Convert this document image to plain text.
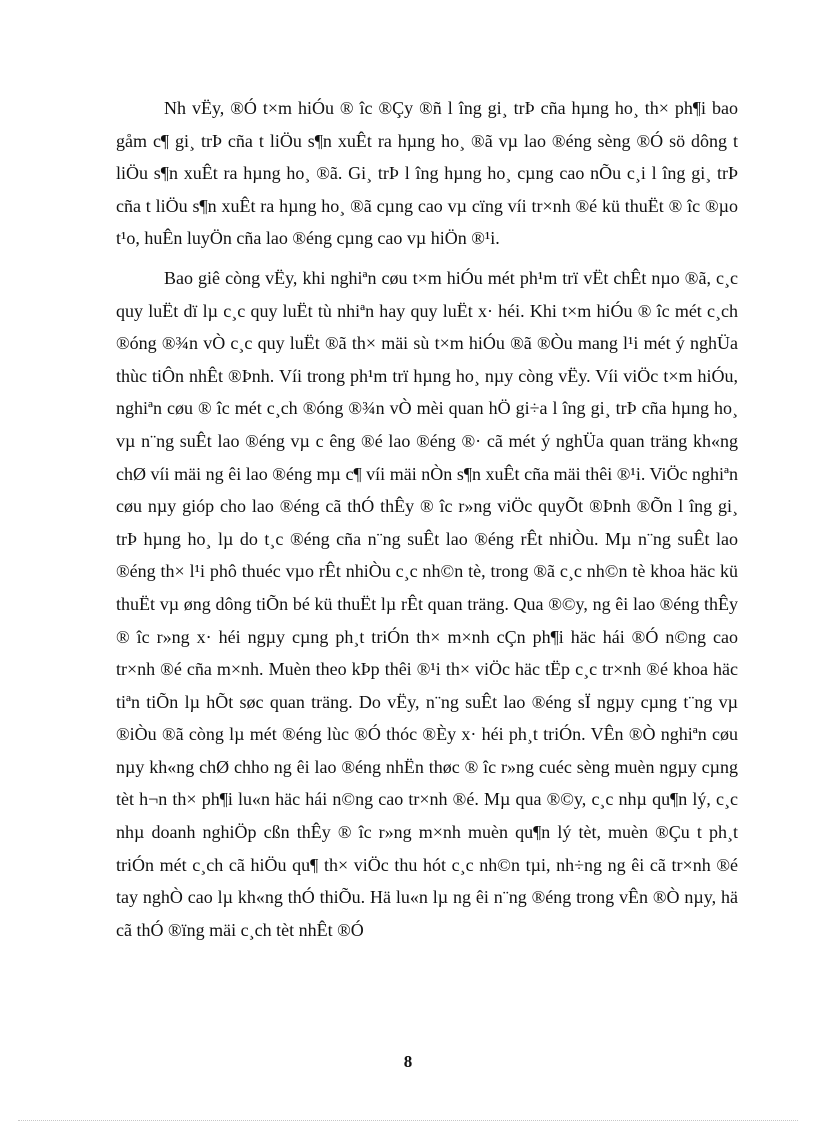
Nh vËy, ®Ó t×m hiÓu ® îc ®Çy ®ñ l îng gi¸ trÞ cña hµng ho¸ th× ph¶i bao gåm c¶ gi¸ trÞ cña t liÖu s¶n xuÊt ra hµng ho¸ ®ã vµ lao ®éng sèng ®Ó sö dông t liÖu s¶n xuÊt ra hµng ho¸ ®ã. Gi¸ trÞ l îng hµng ho¸ cµng cao nÕu c¸i l îng gi¸ trÞ cña t liÖu s¶n xuÊt ra hµng ho¸ ®ã cµng cao vµ cïng víi tr×nh ®é kü thuËt ® îc ®µo t¹o, huÊn luyÖn cña lao ®éng cµng cao vµ hiÖn ®¹i.

Bao giê còng vËy, khi nghiªn cøu t×m hiÓu mét ph¹m trï vËt chÊt nµo ®ã, c¸c quy luËt dï lµ c¸c quy luËt tù nhiªn hay quy luËt x· héi. Khi t×m hiÓu ® îc mét c¸ch ®óng ®¾n vÒ c¸c quy luËt ®ã th× mäi sù t×m hiÓu ®ã ®Òu mang l¹i mét ý nghÜa thùc tiÔn nhÊt ®Þnh. Víi trong ph¹m trï hµng ho¸ nµy còng vËy. Víi viÖc t×m hiÓu, nghiªn cøu ® îc mét c¸ch ®óng ®¾n vÒ mèi quan hÖ gi÷a l îng gi¸ trÞ cña hµng ho¸ vµ n¨ng suÊt lao ®éng vµ c êng ®é lao ®éng ®· cã mét ý nghÜa quan träng kh«ng chØ víi mäi ng êi lao ®éng mµ c¶ víi mäi nÒn s¶n xuÊt cña mäi thêi ®¹i. ViÖc nghiªn cøu nµy gióp cho lao ®éng cã thÓ thÊy ® îc r»ng viÖc quyÕt ®Þnh ®Õn l îng gi¸ trÞ hµng ho¸ lµ do t¸c ®éng cña n¨ng suÊt lao ®éng rÊt nhiÒu. Mµ n¨ng suÊt lao ®éng th× l¹i phô thuéc vµo rÊt nhiÒu c¸c nh©n tè, trong ®ã c¸c nh©n tè khoa häc kü thuËt vµ øng dông tiÕn bé kü thuËt lµ rÊt quan träng. Qua ®©y, ng êi lao ®éng thÊy ® îc r»ng x· héi ngµy cµng ph¸t triÓn th× m×nh cÇn ph¶i häc hái ®Ó n©ng cao tr×nh ®é cña m×nh. Muèn theo kÞp thêi ®¹i th× viÖc häc tËp c¸c tr×nh ®é khoa häc tiªn tiÕn lµ hÕt søc quan träng. Do vËy, n¨ng suÊt lao ®éng sÏ ngµy cµng t¨ng vµ ®iÒu ®ã còng lµ mét ®éng lùc ®Ó thóc ®Èy x· héi ph¸t triÓn. VÊn ®Ò nghiªn cøu nµy kh«ng chØ chho ng êi lao ®éng nhËn thøc ® îc r»ng cuéc sèng muèn ngµy cµng tèt h¬n th× ph¶i lu«n häc hái n©ng cao tr×nh ®é. Mµ qua ®©y, c¸c nhµ qu¶n lý, c¸c nhµ doanh nghiÖp cßn thÊy ® îc r»ng m×nh muèn qu¶n lý tèt, muèn ®Çu t ph¸t triÓn mét c¸ch cã hiÖu qu¶ th× viÖc thu hót c¸c nh©n tµi, nh÷ng ng êi cã tr×nh ®é tay nghÒ cao lµ kh«ng thÓ thiÕu. Hä lu«n lµ ng êi n¨ng ®éng trong vÊn ®Ò nµy, hä cã thÓ ®ïng mäi c¸ch tèt nhÊt ®Ó

8
